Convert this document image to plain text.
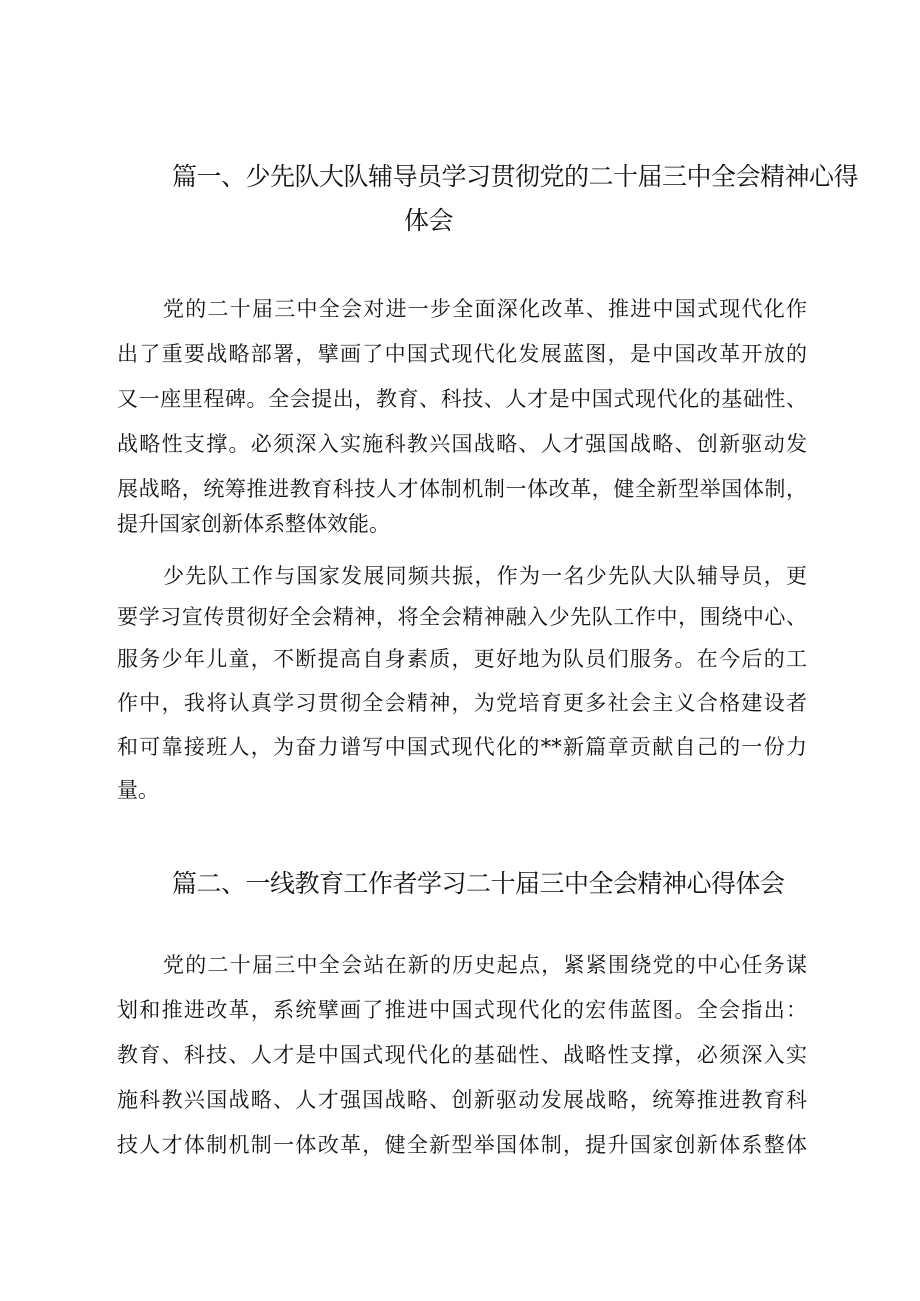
篇一、少先队大队辅导员学习贯彻党的二十届三中全会精神心得
体会
党的二十届三中全会对进一步全面深化改革、推进中国式现代化作
出了重要战略部署，擘画了中国式现代化发展蓝图，是中国改革开放的
又一座里程碑。全会提出，教育、科技、人才是中国式现代化的基础性、
战略性支撑。必须深入实施科教兴国战略、人才强国战略、创新驱动发
展战略，统筹推进教育科技人才体制机制一体改革，健全新型举国体制，
提升国家创新体系整体效能。
少先队工作与国家发展同频共振，作为一名少先队大队辅导员，更
要学习宣传贯彻好全会精神，将全会精神融入少先队工作中，围绕中心、
服务少年儿童，不断提高自身素质，更好地为队员们服务。在今后的工
作中，我将认真学习贯彻全会精神，为党培育更多社会主义合格建设者
和可靠接班人，为奋力谱写中国式现代化的**新篇章贡献自己的一份力
量。
篇二、一线教育工作者学习二十届三中全会精神心得体会
党的二十届三中全会站在新的历史起点，紧紧围绕党的中心任务谋
划和推进改革，系统擘画了推进中国式现代化的宏伟蓝图。全会指出：
教育、科技、人才是中国式现代化的基础性、战略性支撑，必须深入实
施科教兴国战略、人才强国战略、创新驱动发展战略，统筹推进教育科
技人才体制机制一体改革，健全新型举国体制，提升国家创新体系整体
